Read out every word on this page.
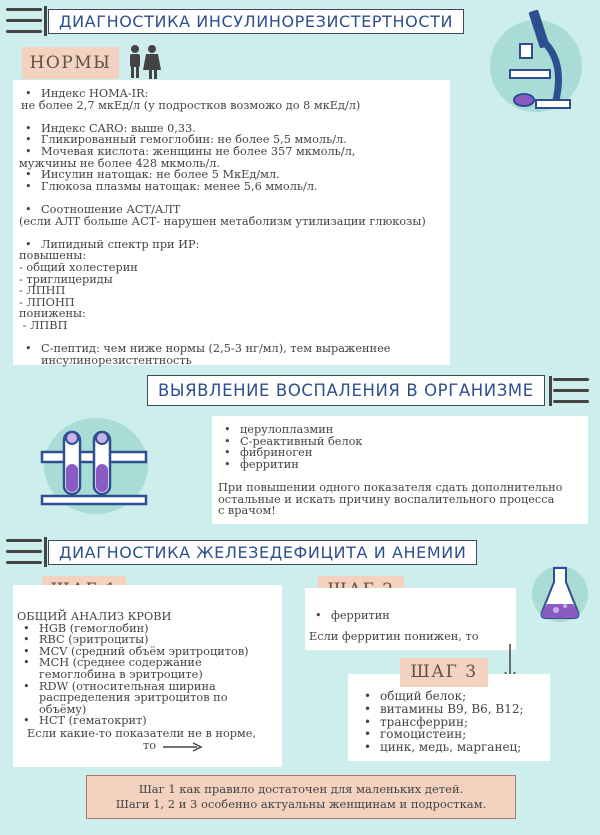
ДИАГНОСТИКА ИНСУЛИНОРЕЗИСТЕРТНОСТИ
НОРМЫ
• Индекс HOMA-IR:

не более 2,7 мкЕд/л (у подростков возможо до 8 мкЕд/л)

• Индекс CARO: выше 0,33.
• Гликированный гемоглобин: не более 5,5 ммоль/л.
• Мочевая кислота: женщины не более 357 мкмоль/л,

мужчины не более 428 мкмоль/л.

• Инсулин натощак: не более 5 МкЕд/мл.
• Глюкоза плазмы натощак: менее 5,6 ммоль/л.
• Соотношение АСТ/АЛТ

(если АЛТ больше АСТ- нарушен метаболизм утилизации глюкозы)

• Липидный спектр при ИР:

повышены:

- общий холестерин

- триглицериды

- ЛПНП

- ЛПОНП

понижены:

- ЛПВП

• С-пептид: чем ниже нормы (2,5-3 нг/мл), тем выраженнее

инсулинорезистентность

ВЫЯВЛЕНИЕ ВОСПАЛЕНИЯ В ОРГАНИЗМЕ
• церулоплазмин
• С-реактивный белок
• фибриноген
• ферритин

При повышении одного показателя сдать дополнительно

остальные и искать причину воспалительного процесса

с врачом!

ДИАГНОСТИКА ЖЕЛЕЗЕДЕФИЦИТА И АНЕМИИ

ОБЩИЙ АНАЛИЗ КРОВИ

• HGB (гемоглобин)
• RBC (эритроциты)
• MCV (средний объём эритроцитов)
• MCH (среднее содержание
гемоглобина в эритроците)
• RDW (относительная ширина
распределения эритроцитов по
объёму)
• HCT (гематокрит)

Если какие-то показатели не в норме,

то

• ферритин

Если ферритин понижен, то

• общий белок;
• витамины B9, B6, B12;
• трансферрин;
• гомоцистеин;
• цинк, медь, марганец;
ШАГ 3

Шаг 1 как правило достаточен для маленьких детей.

Шаги 1, 2 и 3 особенно актуальны женщинам и подросткам.
